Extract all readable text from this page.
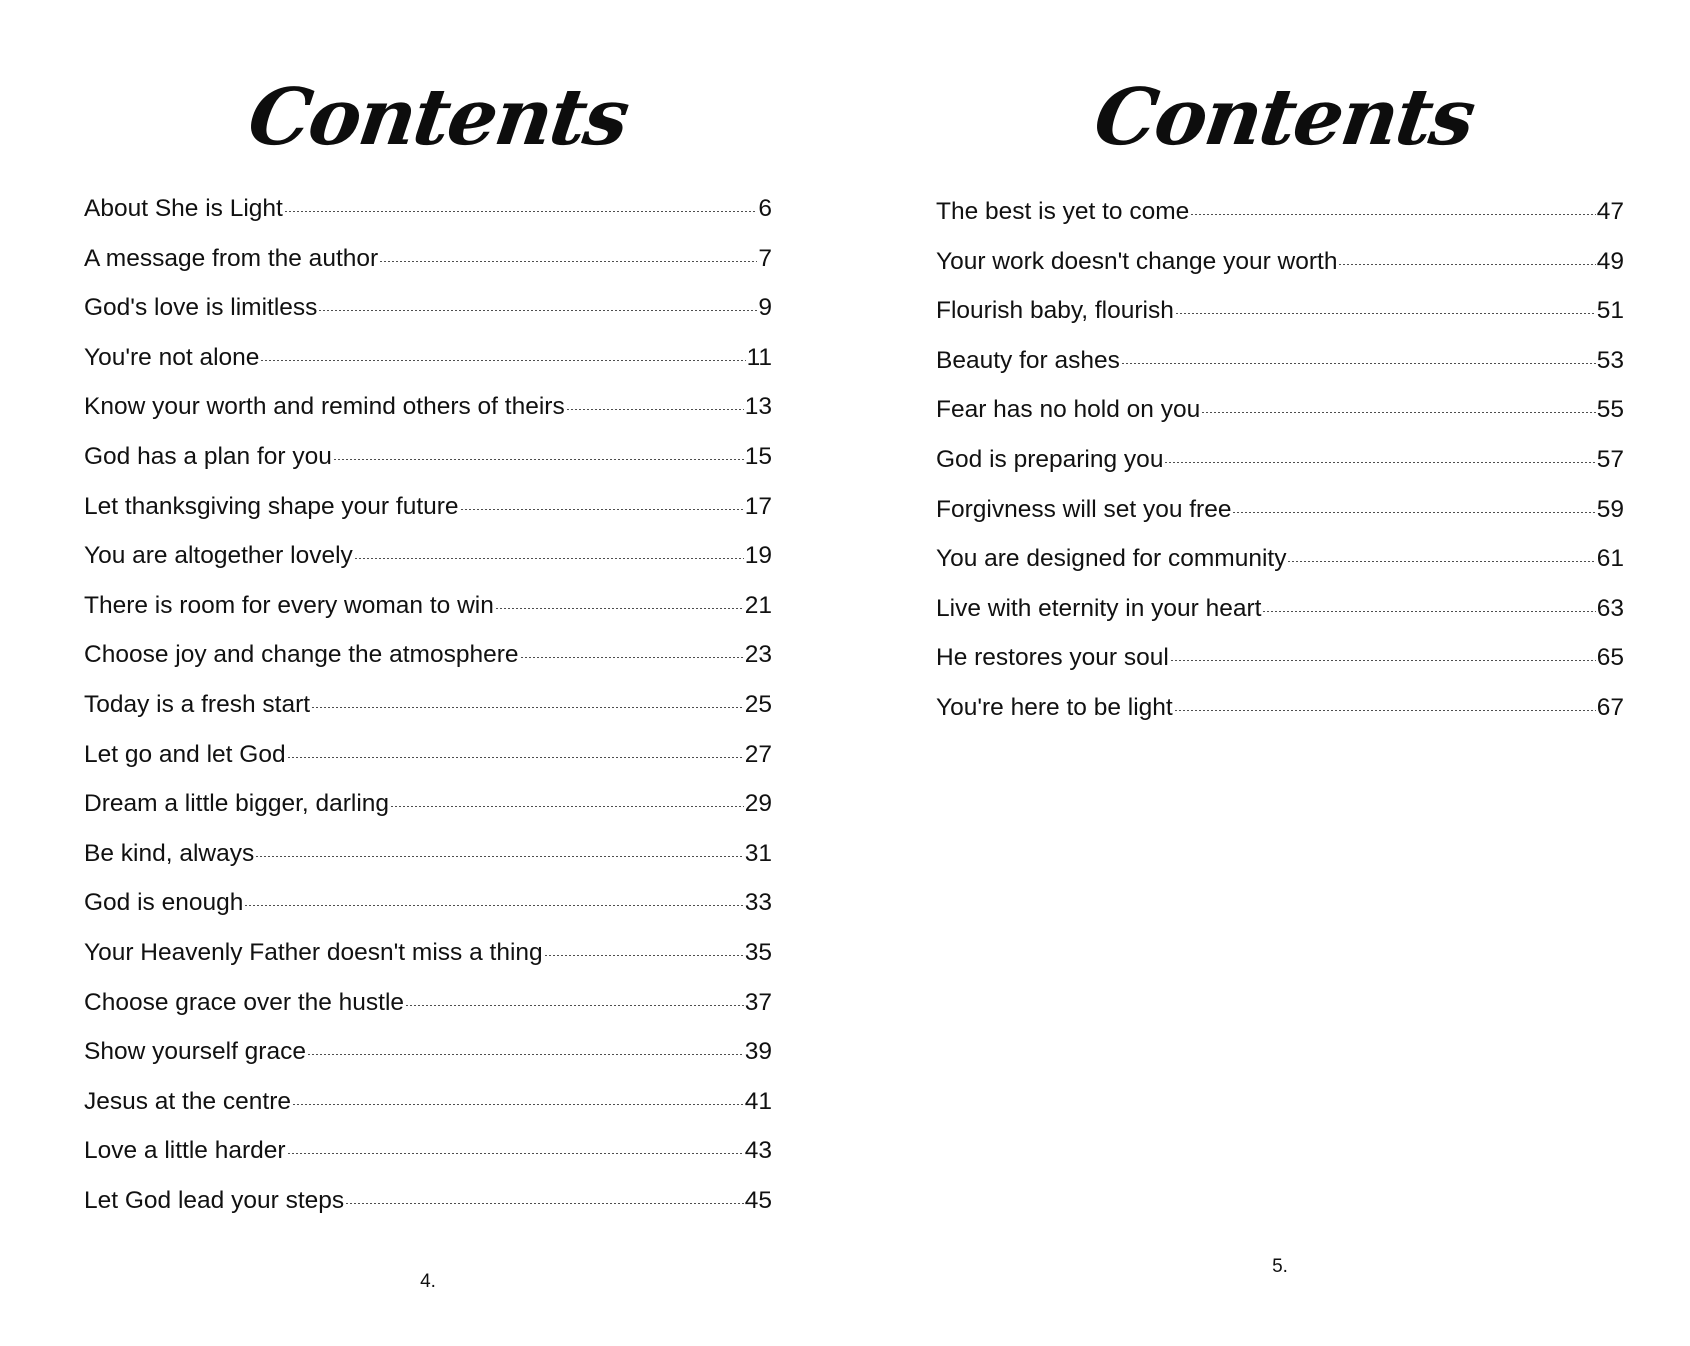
Contents
About She is Light	6
A message from the author	7
God's love is limitless	9
You're not alone	11
Know your worth and remind others of theirs	13
God has a plan for you	15
Let thanksgiving shape your future	17
You are altogether lovely	19
There is room for every woman to win	21
Choose joy and change the atmosphere	23
Today is a fresh start	25
Let go and let God	27
Dream a little bigger, darling	29
Be kind, always	31
God is enough	33
Your Heavenly Father doesn't miss a thing	35
Choose grace over the hustle	37
Show yourself grace	39
Jesus at the centre	41
Love a little harder	43
Let God lead your steps	45
4.
Contents
The best is yet to come	47
Your work doesn't change your worth	49
Flourish baby, flourish	51
Beauty for ashes	53
Fear has no hold on you	55
God is preparing you	57
Forgivness will set you free	59
You are designed for community	61
Live with eternity in your heart	63
He restores your soul	65
You're here to be light	67
5.
